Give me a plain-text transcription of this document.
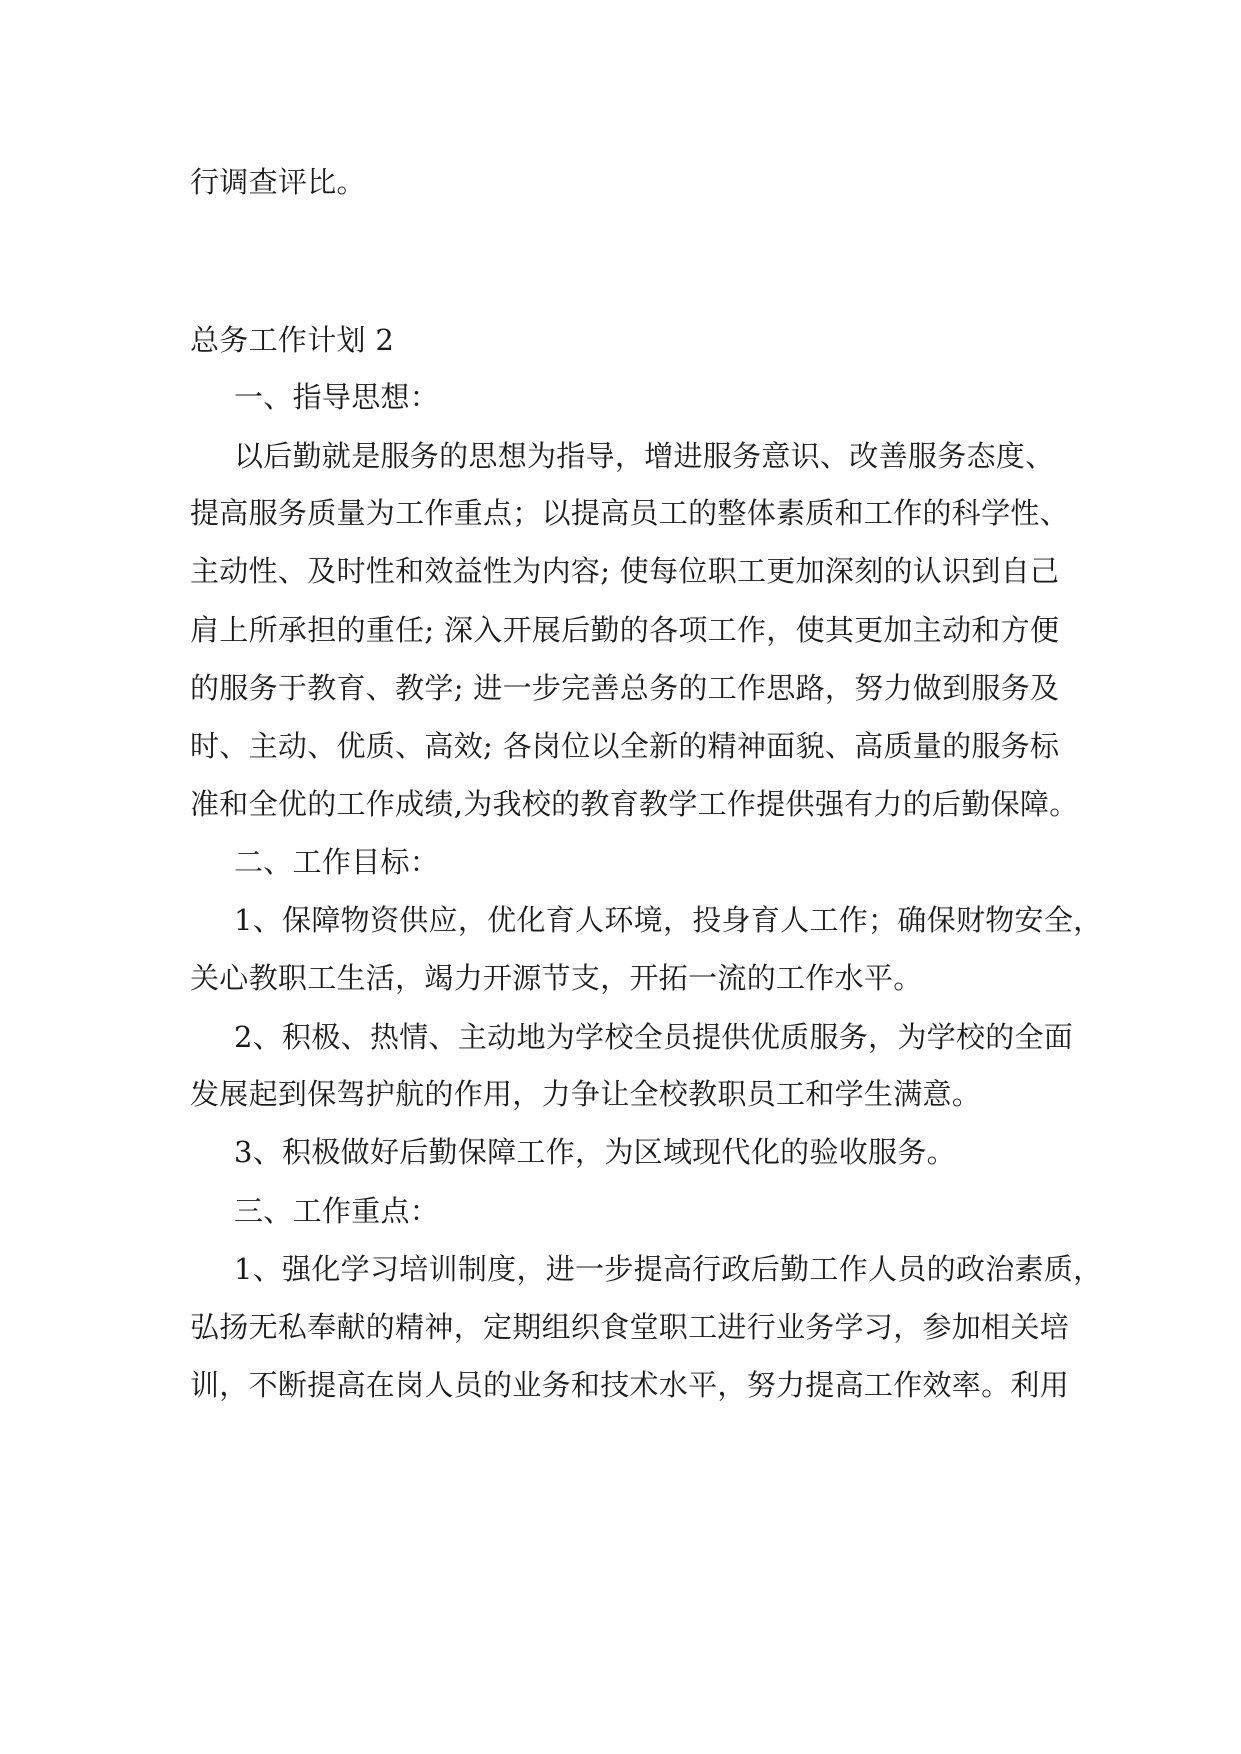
行调查评比。

总务工作计划 2

一、指导思想：

以后勤就是服务的思想为指导，增进服务意识、改善服务态度、

提高服务质量为工作重点；以提高员工的整体素质和工作的科学性、

主动性、及时性和效益性为内容; 使每位职工更加深刻的认识到自己

肩上所承担的重任; 深入开展后勤的各项工作，使其更加主动和方便

的服务于教育、教学; 进一步完善总务的工作思路，努力做到服务及

时、主动、优质、高效; 各岗位以全新的精神面貌、高质量的服务标

准和全优的工作成绩,为我校的教育教学工作提供强有力的后勤保障。

二、工作目标：

1、保障物资供应，优化育人环境，投身育人工作；确保财物安全，

关心教职工生活，竭力开源节支，开拓一流的工作水平。

2、积极、热情、主动地为学校全员提供优质服务，为学校的全面

发展起到保驾护航的作用，力争让全校教职员工和学生满意。

3、积极做好后勤保障工作，为区域现代化的验收服务。

三、工作重点：

1、强化学习培训制度，进一步提高行政后勤工作人员的政治素质，

弘扬无私奉献的精神，定期组织食堂职工进行业务学习，参加相关培

训，不断提高在岗人员的业务和技术水平，努力提高工作效率。利用
